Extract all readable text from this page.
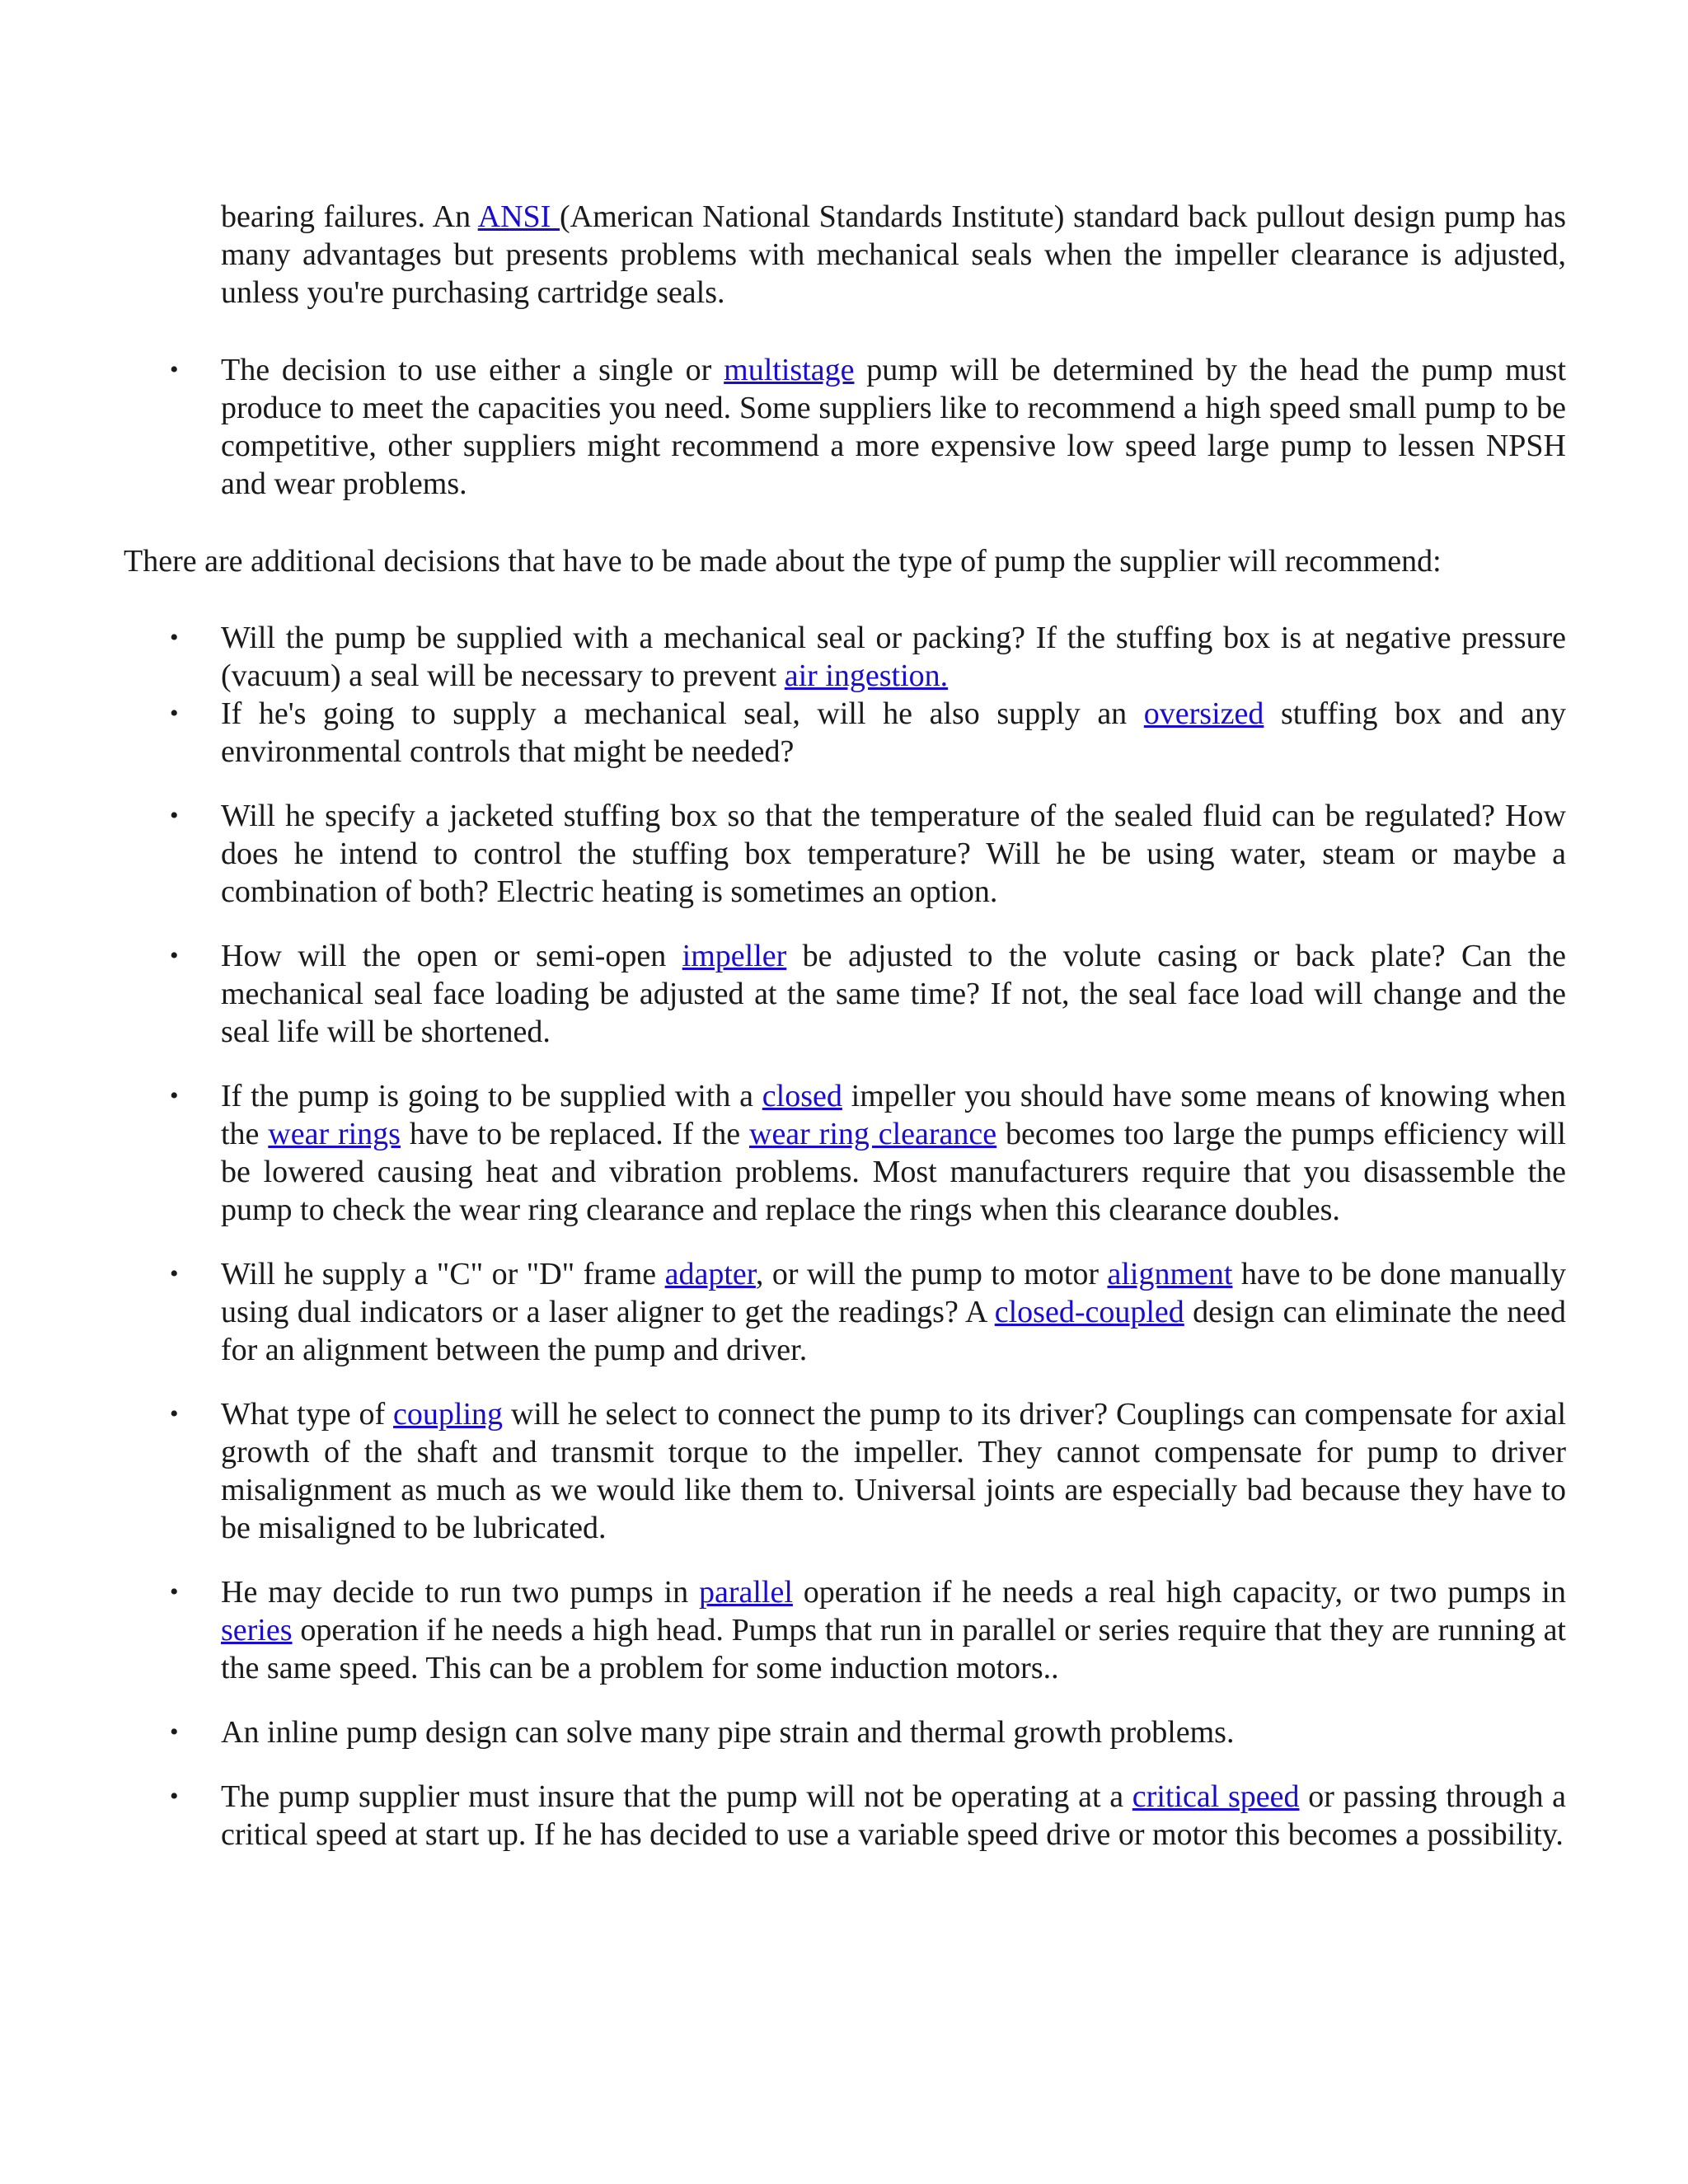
bearing failures. An ANSI (American National Standards Institute) standard back pullout design pump has many advantages but presents problems with mechanical seals when the impeller clearance is adjusted, unless you're purchasing cartridge seals.

•	The decision to use either a single or multistage pump will be determined by the head the pump must produce to meet the capacities you need. Some suppliers like to recommend a high speed small pump to be competitive, other suppliers might recommend a more expensive low speed large pump to lessen NPSH and wear problems.

There are additional decisions that have to be made about the type of pump the supplier will recommend:

•	Will the pump be supplied with a mechanical seal or packing? If the stuffing box is at negative pressure (vacuum) a seal will be necessary to prevent air ingestion.
•	If he's going to supply a mechanical seal, will he also supply an oversized stuffing box and any environmental controls that might be needed?
•	Will he specify a jacketed stuffing box so that the temperature of the sealed fluid can be regulated? How does he intend to control the stuffing box temperature? Will he be using water, steam or maybe a combination of both? Electric heating is sometimes an option.
•	How will the open or semi-open impeller be adjusted to the volute casing or back plate? Can the mechanical seal face loading be adjusted at the same time? If not, the seal face load will change and the seal life will be shortened.
•	If the pump is going to be supplied with a closed impeller you should have some means of knowing when the wear rings have to be replaced. If the wear ring clearance becomes too large the pumps efficiency will be lowered causing heat and vibration problems. Most manufacturers require that you disassemble the pump to check the wear ring clearance and replace the rings when this clearance doubles.
•	Will he supply a "C" or "D" frame adapter, or will the pump to motor alignment have to be done manually using dual indicators or a laser aligner to get the readings? A closed-coupled design can eliminate the need for an alignment between the pump and driver.
•	What type of coupling will he select to connect the pump to its driver? Couplings can compensate for axial growth of the shaft and transmit torque to the impeller. They cannot compensate for pump to driver misalignment as much as we would like them to. Universal joints are especially bad because they have to be misaligned to be lubricated.
•	He may decide to run two pumps in parallel operation if he needs a real high capacity, or two pumps in series operation if he needs a high head. Pumps that run in parallel or series require that they are running at the same speed. This can be a problem for some induction motors..
•	An inline pump design can solve many pipe strain and thermal growth problems.
•	The pump supplier must insure that the pump will not be operating at a critical speed or passing through a critical speed at start up. If he has decided to use a variable speed drive or motor this becomes a possibility.
